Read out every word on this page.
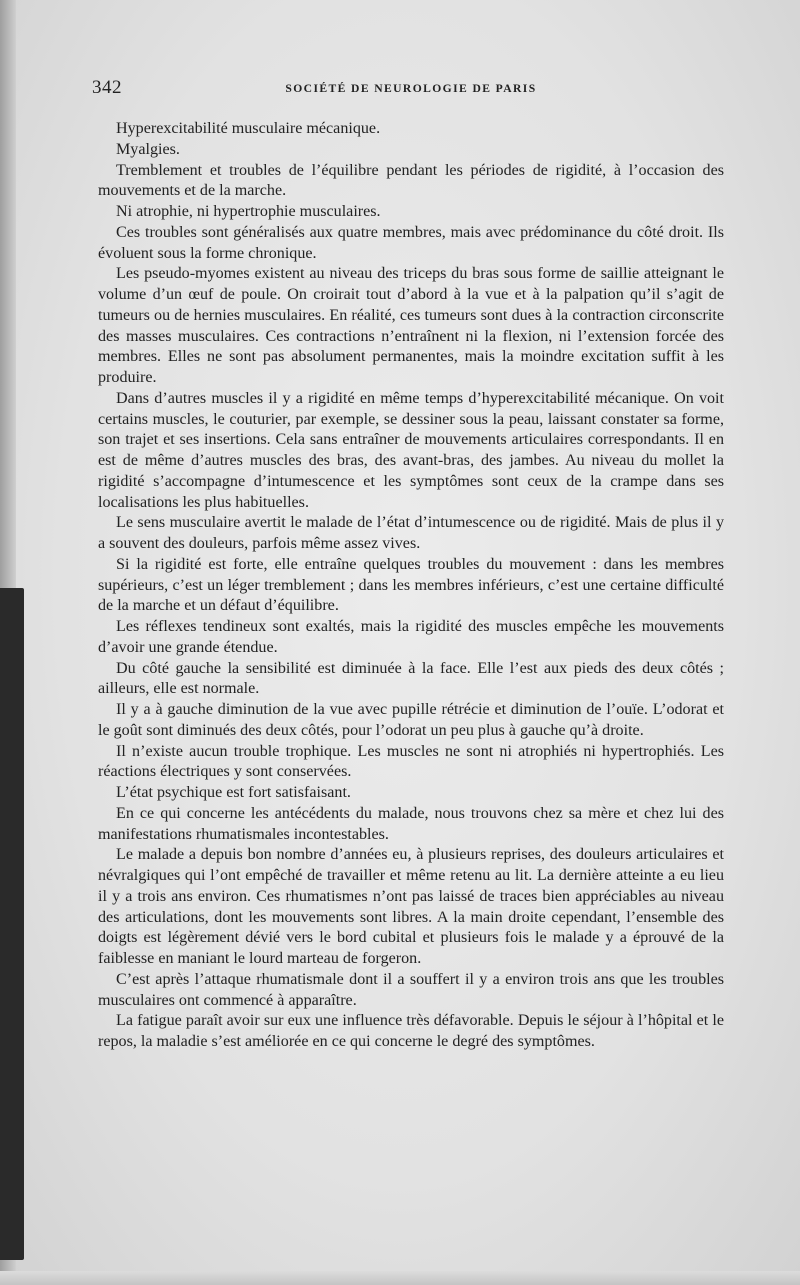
342	SOCIÉTÉ DE NEUROLOGIE DE PARIS

Hyperexcitabilité musculaire mécanique.

Myalgies.

Tremblement et troubles de l’équilibre pendant les périodes de rigidité, à l’occasion des mouvements et de la marche.

Ni atrophie, ni hypertrophie musculaires.

Ces troubles sont généralisés aux quatre membres, mais avec prédominance du côté droit. Ils évoluent sous la forme chronique.

Les pseudo-myomes existent au niveau des triceps du bras sous forme de saillie atteignant le volume d’un œuf de poule. On croirait tout d’abord à la vue et à la palpation qu’il s’agit de tumeurs ou de hernies musculaires. En réalité, ces tumeurs sont dues à la contraction circonscrite des masses musculaires. Ces contractions n’entraînent ni la flexion, ni l’extension forcée des membres. Elles ne sont pas absolument permanentes, mais la moindre excitation suffit à les produire.

Dans d’autres muscles il y a rigidité en même temps d’hyperexcitabilité mécanique. On voit certains muscles, le couturier, par exemple, se dessiner sous la peau, laissant constater sa forme, son trajet et ses insertions. Cela sans entraîner de mouvements articulaires correspondants. Il en est de même d’autres muscles des bras, des avant-bras, des jambes. Au niveau du mollet la rigidité s’accompagne d’intumescence et les symptômes sont ceux de la crampe dans ses localisations les plus habituelles.

Le sens musculaire avertit le malade de l’état d’intumescence ou de rigidité. Mais de plus il y a souvent des douleurs, parfois même assez vives.

Si la rigidité est forte, elle entraîne quelques troubles du mouvement : dans les membres supérieurs, c’est un léger tremblement ; dans les membres inférieurs, c’est une certaine difficulté de la marche et un défaut d’équilibre.

Les réflexes tendineux sont exaltés, mais la rigidité des muscles empêche les mouvements d’avoir une grande étendue.

Du côté gauche la sensibilité est diminuée à la face. Elle l’est aux pieds des deux côtés ; ailleurs, elle est normale.

Il y a à gauche diminution de la vue avec pupille rétrécie et diminution de l’ouïe. L’odorat et le goût sont diminués des deux côtés, pour l’odorat un peu plus à gauche qu’à droite.

Il n’existe aucun trouble trophique. Les muscles ne sont ni atrophiés ni hypertrophiés. Les réactions électriques y sont conservées.

L’état psychique est fort satisfaisant.

En ce qui concerne les antécédents du malade, nous trouvons chez sa mère et chez lui des manifestations rhumatismales incontestables.

Le malade a depuis bon nombre d’années eu, à plusieurs reprises, des douleurs articulaires et névralgiques qui l’ont empêché de travailler et même retenu au lit. La dernière atteinte a eu lieu il y a trois ans environ. Ces rhumatismes n’ont pas laissé de traces bien appréciables au niveau des articulations, dont les mouvements sont libres. A la main droite cependant, l’ensemble des doigts est légèrement dévié vers le bord cubital et plusieurs fois le malade y a éprouvé de la faiblesse en maniant le lourd marteau de forgeron.

C’est après l’attaque rhumatismale dont il a souffert il y a environ trois ans que les troubles musculaires ont commencé à apparaître.

La fatigue paraît avoir sur eux une influence très défavorable. Depuis le séjour à l’hôpital et le repos, la maladie s’est améliorée en ce qui concerne le degré des symptômes.
